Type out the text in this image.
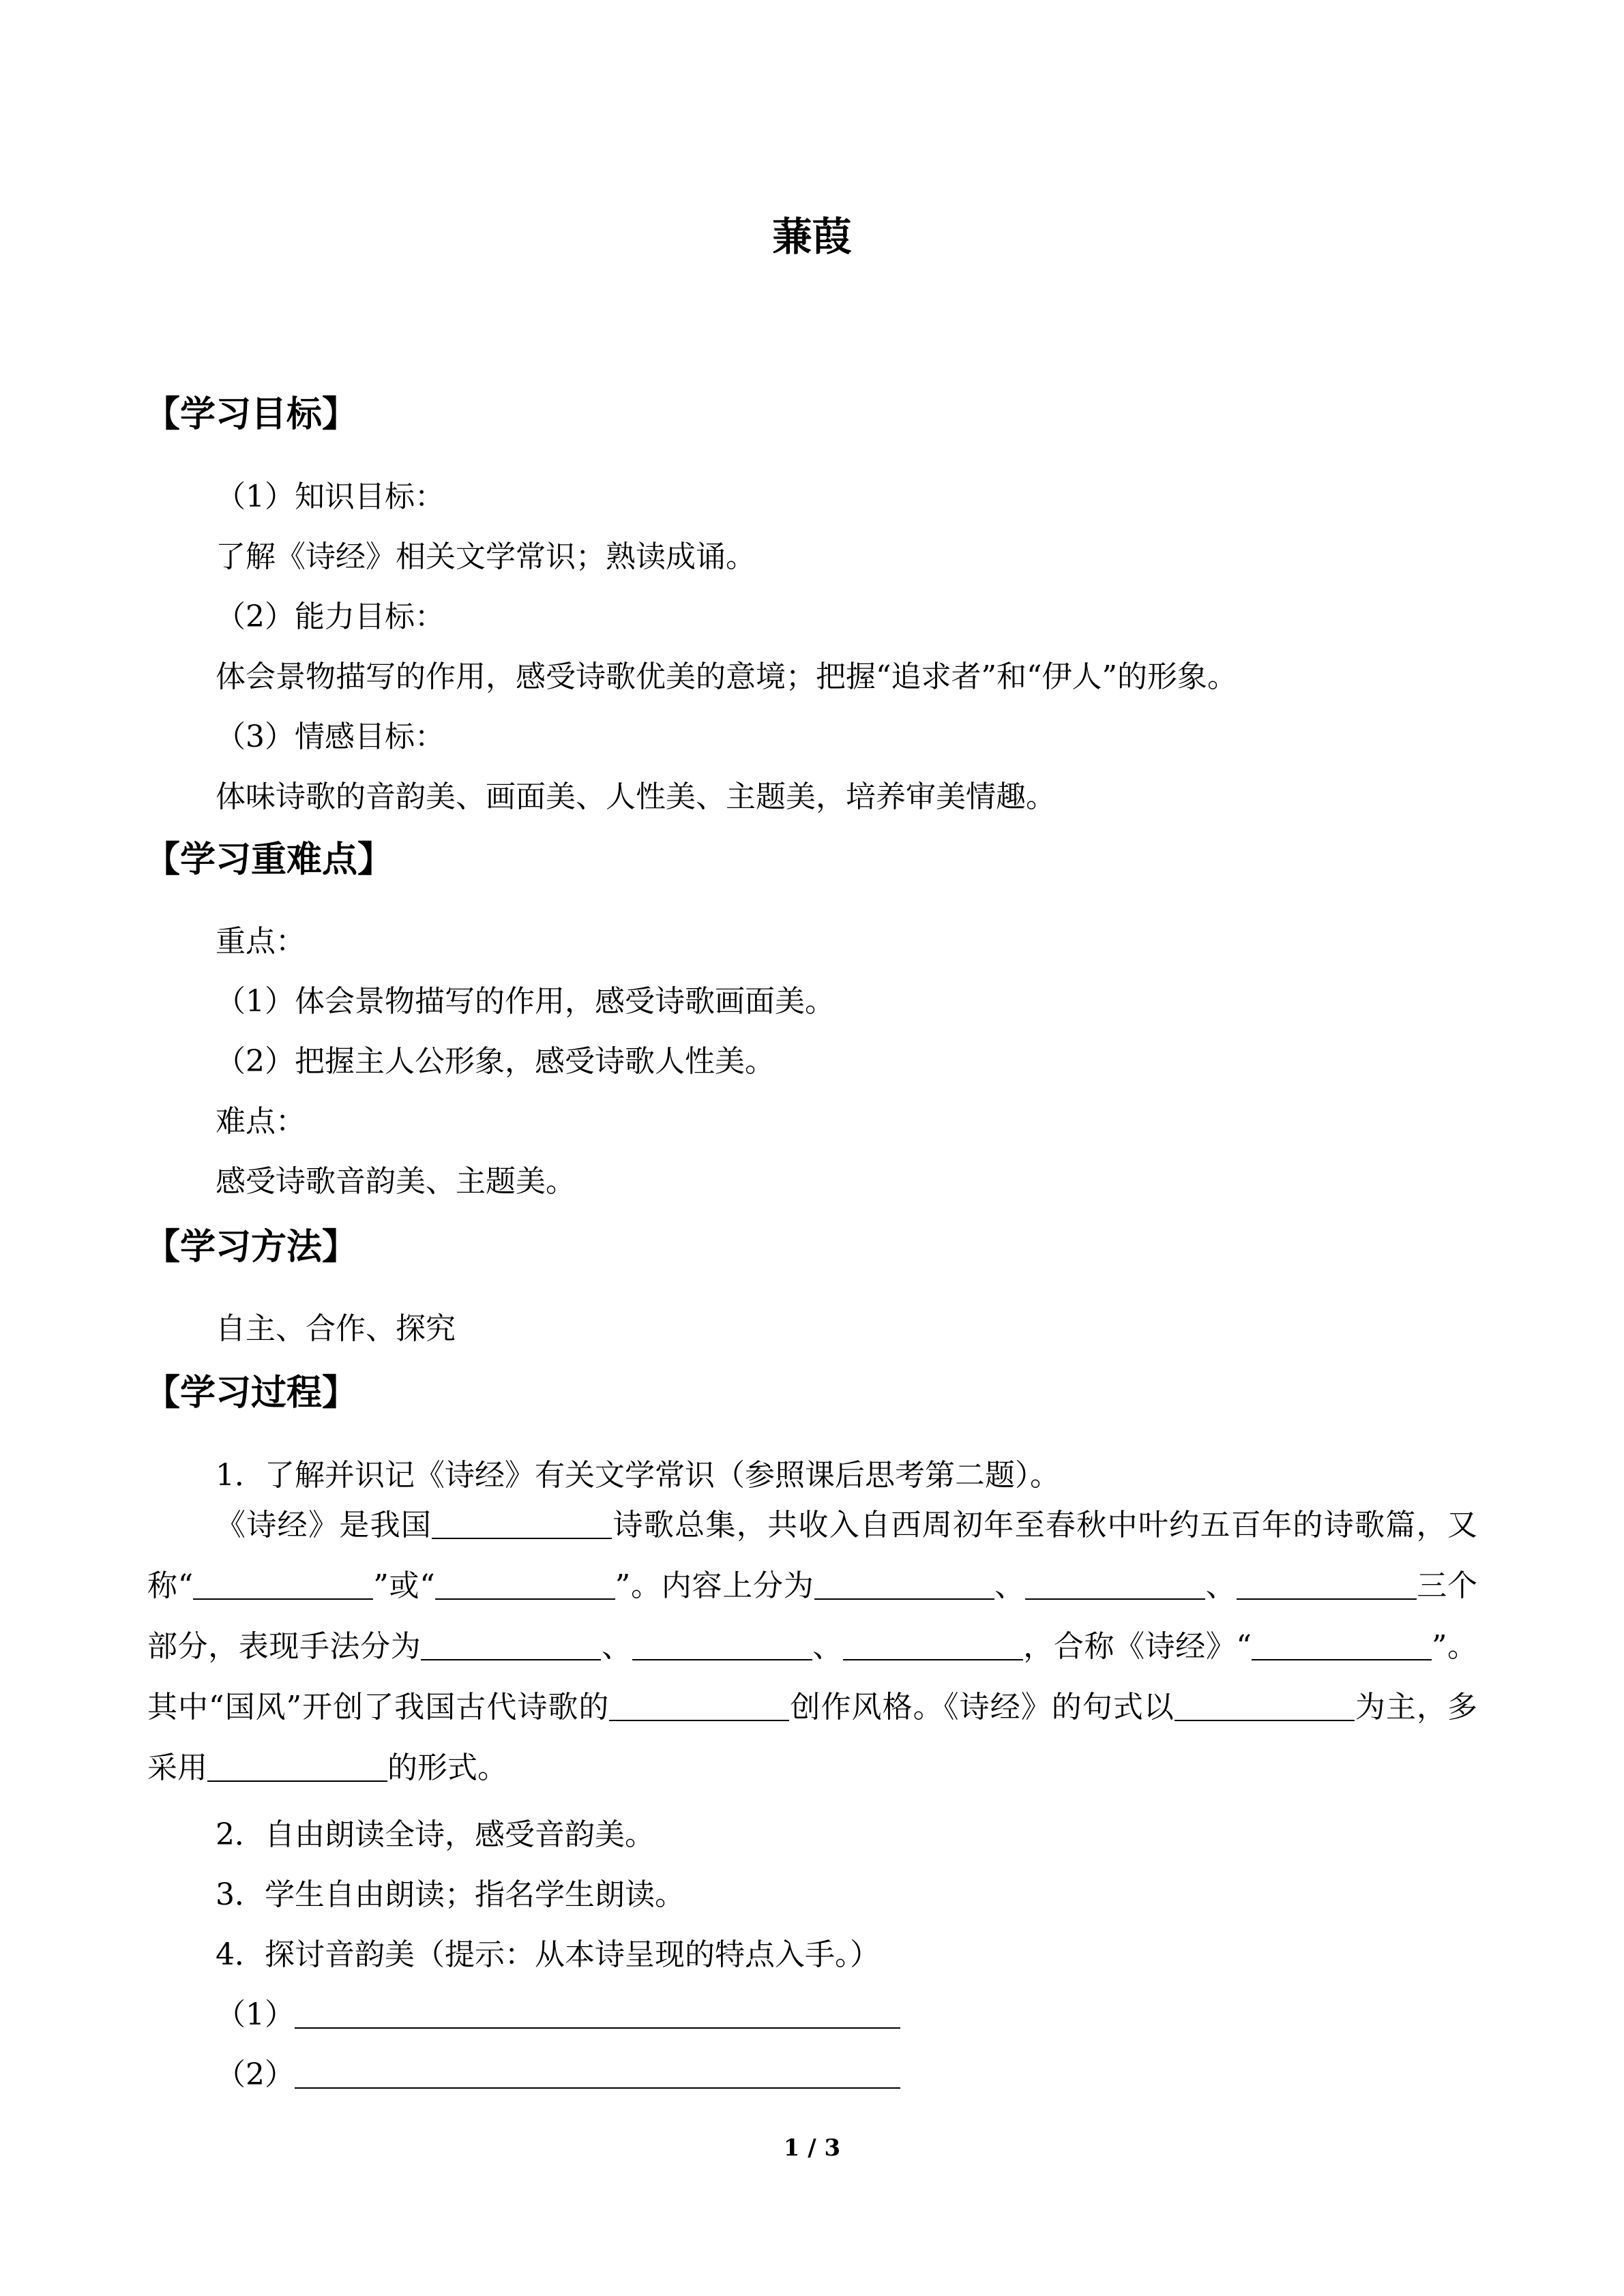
蒹葭
【学习目标】
（1）知识目标：
了解《诗经》相关文学常识；熟读成诵。
（2）能力目标：
体会景物描写的作用，感受诗歌优美的意境；把握“追求者”和“伊人”的形象。
（3）情感目标：
体味诗歌的音韵美、画面美、人性美、主题美，培养审美情趣。
【学习重难点】
重点：
（1）体会景物描写的作用，感受诗歌画面美。
（2）把握主人公形象，感受诗歌人性美。
难点：
感受诗歌音韵美、主题美。
【学习方法】
自主、合作、探究
【学习过程】
1．了解并识记《诗经》有关文学常识（参照课后思考第二题）。
《诗经》是我国	诗歌总集，共收入自西周初年至春秋中叶约五百年的诗歌篇，又称“	”或“	”。内容上分为	、	、	三个部分，表现手法分为	、	、	，合称《诗经》“	”。其中“国风”开创了我国古代诗歌的	创作风格。《诗经》的句式以	为主，多采用	的形式。
2．自由朗读全诗，感受音韵美。
3．学生自由朗读；指名学生朗读。
4．探讨音韵美（提示：从本诗呈现的特点入手。）
（1）
（2）
1 / 3
